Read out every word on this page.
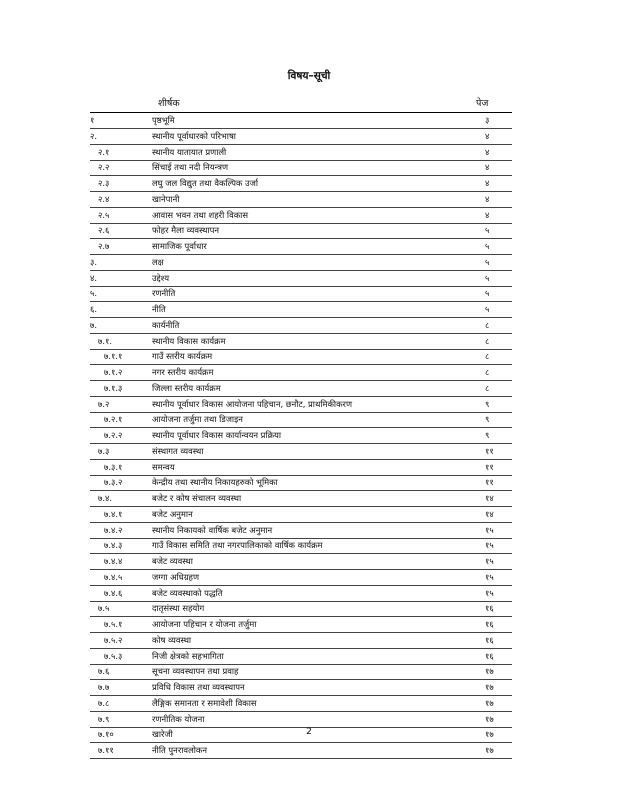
विषय–सूची
शीर्षक	पेज
१	पृष्ठभूमि	३
२.	स्थानीय पूर्वाधारको परिभाषा	४
२.१	स्थानीय यातायात प्रणाली	४
२.२	सिंचाई तथा नदी नियन्त्रण	४
२.३	लघु जल विद्युत तथा वैकल्पिक उर्जा	४
२.४	खानेपानी	४
२.५	आवास भवन तथा शहरी विकास	४
२.६	फोहर मैला व्यवस्थापन	५
२.७	सामाजिक पूर्वाधार	५
३.	लक्ष	५
४.	उद्देश्य	५
५.	रणनीति	५
६.	नीति	५
७.	कार्यनीति	८
७.१.	स्थानीय विकास कार्यक्रम	८
७.१.१	गाउँ स्तरीय कार्यक्रम	८
७.१.२	नगर स्तरीय कार्यक्रम	८
७.१.३	जिल्ला स्तरीय कार्यक्रम	८
७.२	स्थानीय पूर्वाधार विकास आयोजना पहिचान, छनौट, प्राथमिकीकरण	९
७.२.१	आयोजना तर्जुमा तथा डिजाइन	९
७.२.२	स्थानीय पूर्वाधार विकास कार्यान्वयन प्रक्रिया	९
७.३	संस्थागत व्यवस्था	११
७.३.१	समन्वय	११
७.३.२	केन्द्रीय तथा स्थानीय निकायहरुको भूमिका	११
७.४.	बजेट र कोष संचालन व्यवस्था	१४
७.४.१	बजेट अनुमान	१४
७.४.२	स्थानीय निकायको वार्षिक बजेट अनुमान	१५
७.४.३	गाउँ विकास समिति तथा नगरपालिकाको वार्षिक कार्यक्रम	१५
७.४.४	बजेट व्यवस्था	१५
७.४.५	जग्गा अधिग्रहण	१५
७.४.६	बजेट व्यवस्थाको पद्धति	१५
७.५	दातृसंस्था सहयोग	१६
७.५.१	आयोजना पहिचान र योजना तर्जुमा	१६
७.५.२	कोष व्यवस्था	१६
७.५.३	निजी क्षेत्रको सहभागिता	१६
७.६	सूचना व्यवस्थापन तथा प्रवाह	१७
७.७	प्रविधि विकास तथा व्यवस्थापन	१७
७.८	लैङ्गिक समानता र समावेशी विकास	१७
७.९	रणनीतिक योजना	१७
७.१०	खारेजी	१७
७.११	नीति पुनरावलोकन	१७
2
